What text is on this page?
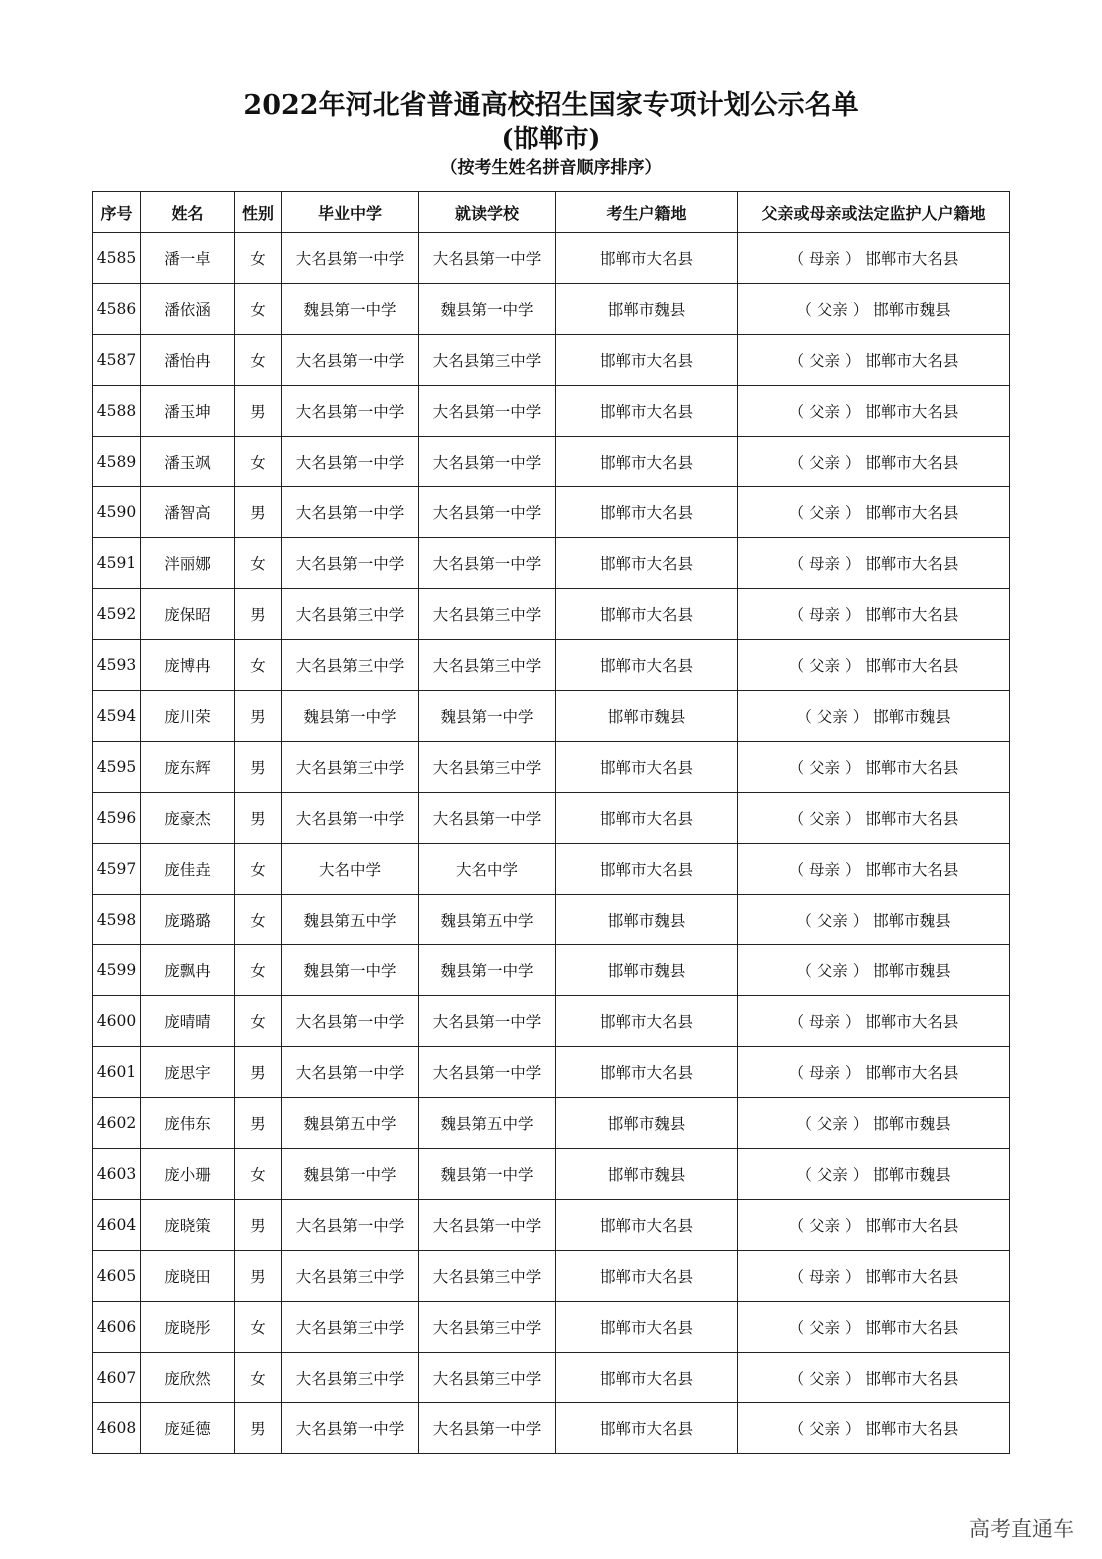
2022年河北省普通高校招生国家专项计划公示名单
(邯郸市)
（按考生姓名拼音顺序排序）
序号	姓名	性别	毕业中学	就读学校	考生户籍地	父亲或母亲或法定监护人户籍地
4585	潘一卓	女	大名县第一中学	大名县第一中学	邯郸市大名县	（ 母亲 ） 邯郸市大名县
4586	潘依涵	女	魏县第一中学	魏县第一中学	邯郸市魏县	（ 父亲 ） 邯郸市魏县
4587	潘怡冉	女	大名县第一中学	大名县第三中学	邯郸市大名县	（ 父亲 ） 邯郸市大名县
4588	潘玉坤	男	大名县第一中学	大名县第一中学	邯郸市大名县	（ 父亲 ） 邯郸市大名县
4589	潘玉飒	女	大名县第一中学	大名县第一中学	邯郸市大名县	（ 父亲 ） 邯郸市大名县
4590	潘智高	男	大名县第一中学	大名县第一中学	邯郸市大名县	（ 父亲 ） 邯郸市大名县
4591	泮丽娜	女	大名县第一中学	大名县第一中学	邯郸市大名县	（ 母亲 ） 邯郸市大名县
4592	庞保昭	男	大名县第三中学	大名县第三中学	邯郸市大名县	（ 母亲 ） 邯郸市大名县
4593	庞博冉	女	大名县第三中学	大名县第三中学	邯郸市大名县	（ 父亲 ） 邯郸市大名县
4594	庞川荣	男	魏县第一中学	魏县第一中学	邯郸市魏县	（ 父亲 ） 邯郸市魏县
4595	庞东辉	男	大名县第三中学	大名县第三中学	邯郸市大名县	（ 父亲 ） 邯郸市大名县
4596	庞豪杰	男	大名县第一中学	大名县第一中学	邯郸市大名县	（ 父亲 ） 邯郸市大名县
4597	庞佳垚	女	大名中学	大名中学	邯郸市大名县	（ 母亲 ） 邯郸市大名县
4598	庞璐璐	女	魏县第五中学	魏县第五中学	邯郸市魏县	（ 父亲 ） 邯郸市魏县
4599	庞飘冉	女	魏县第一中学	魏县第一中学	邯郸市魏县	（ 父亲 ） 邯郸市魏县
4600	庞晴晴	女	大名县第一中学	大名县第一中学	邯郸市大名县	（ 母亲 ） 邯郸市大名县
4601	庞思宇	男	大名县第一中学	大名县第一中学	邯郸市大名县	（ 母亲 ） 邯郸市大名县
4602	庞伟东	男	魏县第五中学	魏县第五中学	邯郸市魏县	（ 父亲 ） 邯郸市魏县
4603	庞小珊	女	魏县第一中学	魏县第一中学	邯郸市魏县	（ 父亲 ） 邯郸市魏县
4604	庞晓策	男	大名县第一中学	大名县第一中学	邯郸市大名县	（ 父亲 ） 邯郸市大名县
4605	庞晓田	男	大名县第三中学	大名县第三中学	邯郸市大名县	（ 母亲 ） 邯郸市大名县
4606	庞晓彤	女	大名县第三中学	大名县第三中学	邯郸市大名县	（ 父亲 ） 邯郸市大名县
4607	庞欣然	女	大名县第三中学	大名县第三中学	邯郸市大名县	（ 父亲 ） 邯郸市大名县
4608	庞延德	男	大名县第一中学	大名县第一中学	邯郸市大名县	（ 父亲 ） 邯郸市大名县
高考直通车
